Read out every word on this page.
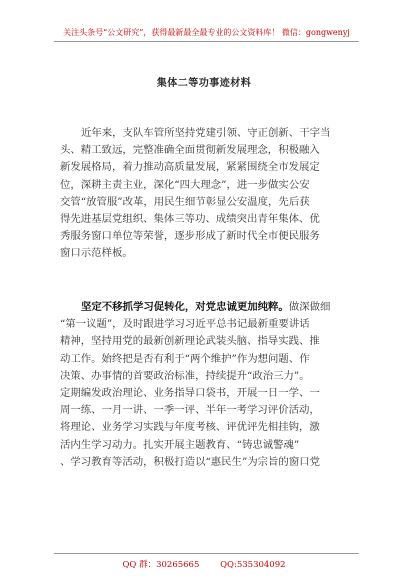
关注头条号“公文研究”，获得最新最全最专业的公文资料库！ 微信：gongwenyj
集体二等功事迹材料
近年来，支队车管所坚持党建引领、守正创新、干字当
头、精工致远，完整准确全面贯彻新发展理念，积极融入
新发展格局，着力推动高质量发展，紧紧围绕全市发展定
位，深耕主责主业，深化“四大理念”，进一步做实公安
交管“放管服”改革，用民生细节彰显公安温度，先后获
得先进基层党组织、集体三等功、成绩突出青年集体、优
秀服务窗口单位等荣誉，逐步形成了新时代全市便民服务
窗口示范样板。
坚定不移抓学习促转化，对党忠诚更加纯粹。做深做细
“第一议题”，及时跟进学习习近平总书记最新重要讲话
精神，坚持用党的最新创新理论武装头脑、指导实践、推
动工作。始终把是否有利于“两个维护”作为想问题、作
决策、办事情的首要政治标准，持续提升“政治三力”。
定期编发政治理论、业务指导口袋书，开展一日一学、一
周一练、一月一讲、一季一评、半年一考学习评价活动，
将理论、业务学习实践与年度考核、评优评先相挂钩，激
活内生学习动力。扎实开展主题教育、“铸忠诚警魂”
、学习教育等活动，积极打造以“惠民生”为宗旨的窗口党
QQ 群：30265665 QQ:535304092
